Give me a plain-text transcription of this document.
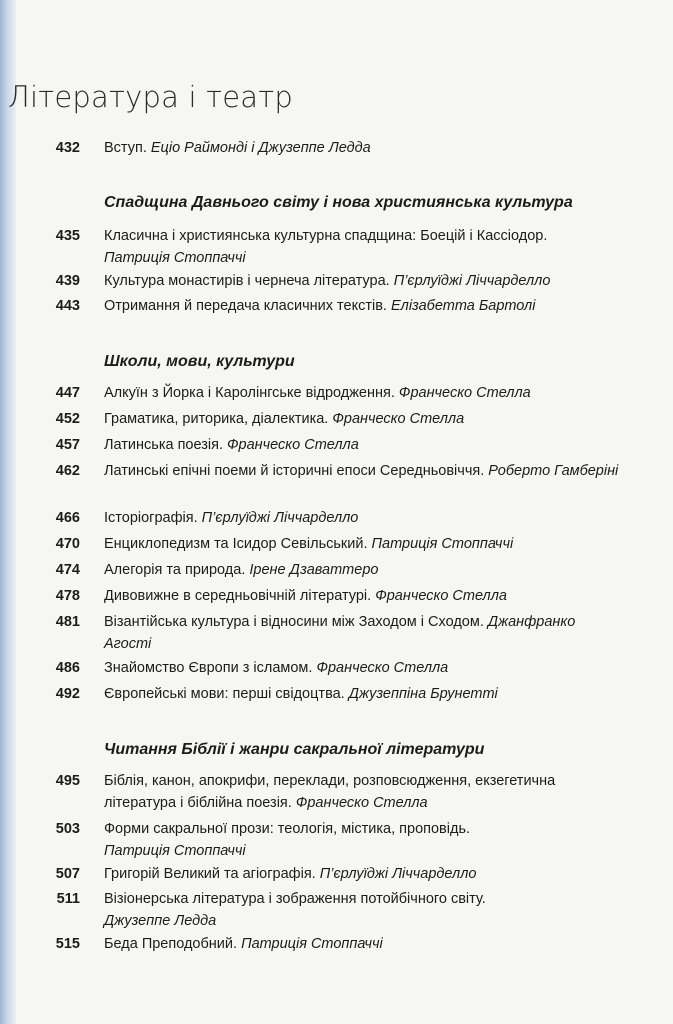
Література і театр
432 Вступ. Еціо Раймонді і Джузеппе Ледда
Спадщина Давнього світу і нова християнська культура
435 Класична і християнська культурна спадщина: Боецій і Кассіодор.
Патриція Стоппаччі
439 Культура монастирів і чернеча література. П’єрлуїджі Ліччарделло
443 Отримання й передача класичних текстів. Елізабетта Бартолі
Школи, мови, культури
447 Алкуїн з Йорка і Каролінгське відродження. Франческо Стелла
452 Граматика, риторика, діалектика. Франческо Стелла
457 Латинська поезія. Франческо Стелла
462 Латинські епічні поеми й історичні епоси Середньовіччя. Роберто Гамберіні
466 Історіографія. П’єрлуїджі Ліччарделло
470 Енциклопедизм та Ісидор Севільський. Патриція Стоппаччі
474 Алегорія та природа. Ірене Дзаваттеро
478 Дивовижне в середньовічній літературі. Франческо Стелла
481 Візантійська культура і відносини між Заходом і Сходом. Джанфранко Агості
486 Знайомство Європи з ісламом. Франческо Стелла
492 Європейські мови: перші свідоцтва. Джузеппіна Брунетті
Читання Біблії і жанри сакральної літератури
495 Біблія, канон, апокрифи, переклади, розповсюдження, екзегетична література і біблійна поезія. Франческо Стелла
503 Форми сакральної прози: теологія, містика, проповідь.
Патриція Стоппаччі
507 Григорій Великий та агіографія. П’єрлуїджі Ліччарделло
511 Візіонерська література і зображення потойбічного світу.
Джузеппе Ледда
515 Беда Преподобний. Патриція Стоппаччі
